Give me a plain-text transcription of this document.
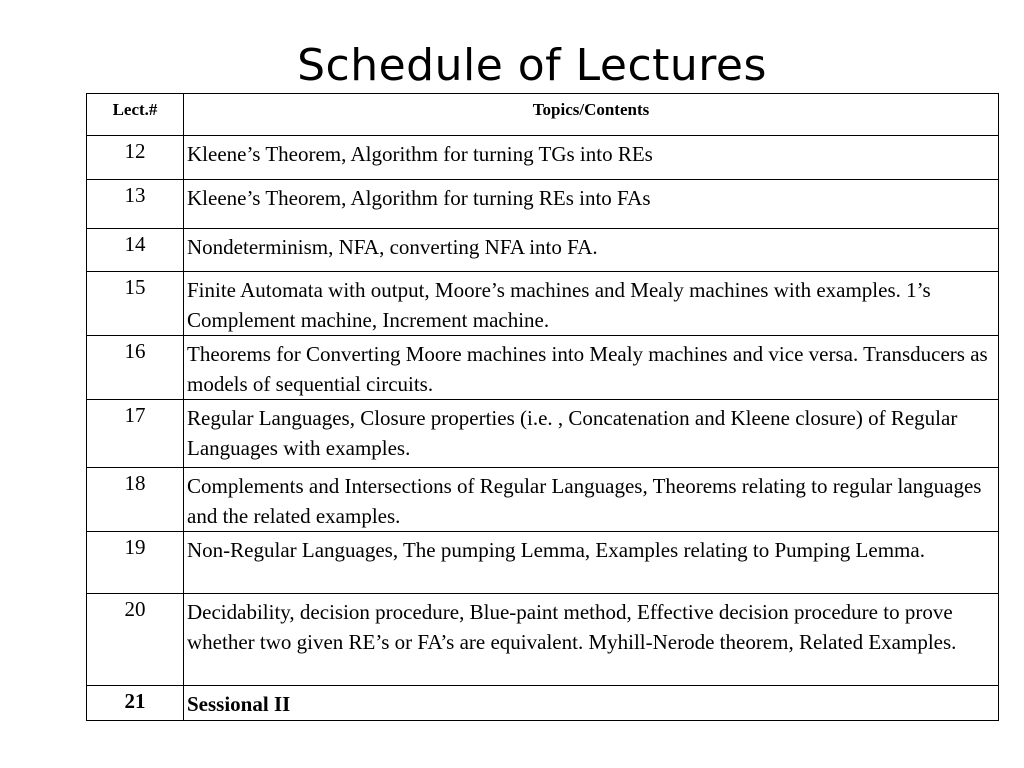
Schedule of Lectures
Lect.#	Topics/Contents
12	Kleene’s Theorem, Algorithm for turning TGs into REs
13	Kleene’s Theorem, Algorithm for turning REs into FAs
14	Nondeterminism, NFA, converting NFA into FA.
15	Finite Automata with output, Moore’s machines and Mealy machines with examples. 1’s Complement machine, Increment machine.
16	Theorems for Converting Moore machines into Mealy machines and vice versa. Transducers as models of sequential circuits.
17	Regular Languages, Closure properties (i.e. , Concatenation and Kleene closure) of Regular Languages with examples.
18	Complements and Intersections of Regular Languages, Theorems relating to regular languages and the related examples.
19	Non-Regular Languages, The pumping Lemma, Examples relating to Pumping Lemma.
20	Decidability, decision procedure, Blue-paint method, Effective decision procedure to prove whether two given RE’s or FA’s are equivalent. Myhill-Nerode theorem, Related Examples.
21	Sessional II
